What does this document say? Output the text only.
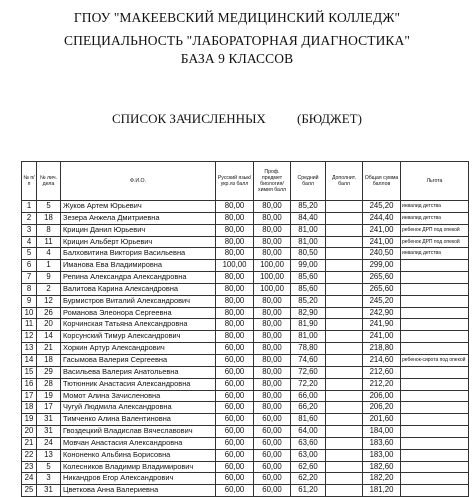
ГПОУ "МАКЕЕВСКИЙ МЕДИЦИНСКИЙ КОЛЛЕДЖ"
СПЕЦИАЛЬНОСТЬ "ЛАБОРАТОРНАЯ ДИАГНОСТИКА"
БАЗА 9 КЛАССОВ
СПИСОК ЗАЧИСЛЕННЫХ (БЮДЖЕТ)
№ п/п	№ лич. дела	Ф.И.О.	Русский язык/укр.яз балл	Проф. предмет биология/химия балл	Средний балл	Дополнит. балл	Общая сумма баллов	Льгота
1	5	Жуков Артем Юрьевич	80,00	80,00	85,20		245,20	инвалид детства
2	18	Зезера Анжела Дмитриевна	80,00	80,00	84,40		244,40	инвалид детства
3	8	Крицин Данил Юрьевич	80,00	80,00	81,00		241,00	ребенок ДРП под опекой
4	11	Крицин Альберт Юрьевич	80,00	80,00	81,00		241,00	ребенок ДРП под опекой
5	4	Балховитина Виктория Васильевна	80,00	80,00	80,50		240,50	инвалид детства
6	1	Иманова Ева Владимировна	100,00	100,00	99,00		299,00	
7	9	Репина Александра Александровна	80,00	100,00	85,60		265,60	
8	2	Валитова Карина Александровна	80,00	100,00	85,60		265,60	
9	12	Бурмистров Виталий Александрович	80,00	80,00	85,20		245,20	
10	26	Романова Элеонора Сергеевна	80,00	80,00	82,90		242,90	
11	20	Корчинская Татьяна Александровна	80,00	80,00	81,90		241,90	
12	14	Корсунский Тимур Александрович	80,00	80,00	81,00		241,00	
13	21	Хоркин Артур Александрович	60,00	80,00	78,80		218,80	
14	18	Гасымова Валерия Сергеевна	60,00	80,00	74,60		214,60	ребенок-сирота под опекой
15	29	Васильева Валерия Анатольевна	60,00	80,00	72,60		212,60	
16	28	Тютюнник Анастасия Александровна	60,00	80,00	72,20		212,20	
17	19	Момот Алина Зачисленовна	60,00	80,00	66,00		206,00	
18	17	Чугуй Людмила Александровна	60,00	80,00	66,20		206,20	
19	31	Тимченко Алина Валентиновна	60,00	60,00	81,60		201,60	
20	31	Гвоздецкий Владислав Вячеславович	60,00	60,00	64,00		184,00	
21	24	Мовчан Анастасия Александровна	60,00	60,00	63,60		183,60	
22	13	Кононенко Альбина Борисовна	60,00	60,00	63,00		183,00	
23	5	Колесников Владимир Владимирович	60,00	60,00	62,60		182,60	
24	3	Никандров Егор Александрович	60,00	60,00	62,20		182,20	
25	31	Цветкова Анна Валериевна	60,00	60,00	61,20		181,20	
